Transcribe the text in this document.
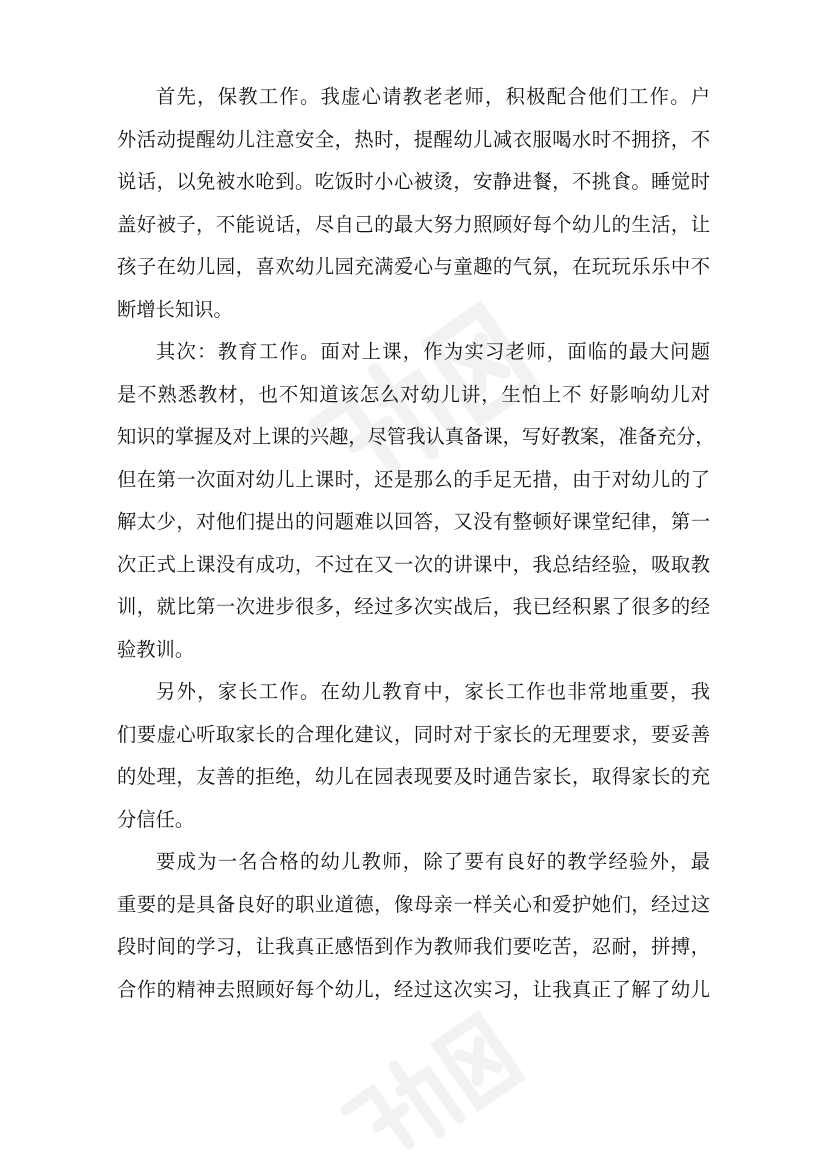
首先，保教工作。我虚心请教老老师，积极配合他们工作。户
外活动提醒幼儿注意安全，热时，提醒幼儿减衣服喝水时不拥挤，不
说话，以免被水呛到。吃饭时小心被烫，安静进餐，不挑食。睡觉时
盖好被子，不能说话，尽自己的最大努力照顾好每个幼儿的生活，让
孩子在幼儿园，喜欢幼儿园充满爱心与童趣的气氛，在玩玩乐乐中不
断增长知识。
其次：教育工作。面对上课，作为实习老师，面临的最大问题
是不熟悉教材，也不知道该怎么对幼儿讲，生怕上不 好影响幼儿对
知识的掌握及对上课的兴趣，尽管我认真备课，写好教案，准备充分，
但在第一次面对幼儿上课时，还是那么的手足无措，由于对幼儿的了
解太少，对他们提出的问题难以回答，又没有整顿好课堂纪律，第一
次正式上课没有成功，不过在又一次的讲课中，我总结经验，吸取教
训，就比第一次进步很多，经过多次实战后，我已经积累了很多的经
验教训。
另外，家长工作。在幼儿教育中，家长工作也非常地重要，我
们要虚心听取家长的合理化建议，同时对于家长的无理要求，要妥善
的处理，友善的拒绝，幼儿在园表现要及时通告家长，取得家长的充
分信任。
要成为一名合格的幼儿教师，除了要有良好的教学经验外，最
重要的是具备良好的职业道德，像母亲一样关心和爱护她们，经过这
段时间的学习，让我真正感悟到作为教师我们要吃苦，忍耐，拼搏，
合作的精神去照顾好每个幼儿，经过这次实习，让我真正了解了幼儿
